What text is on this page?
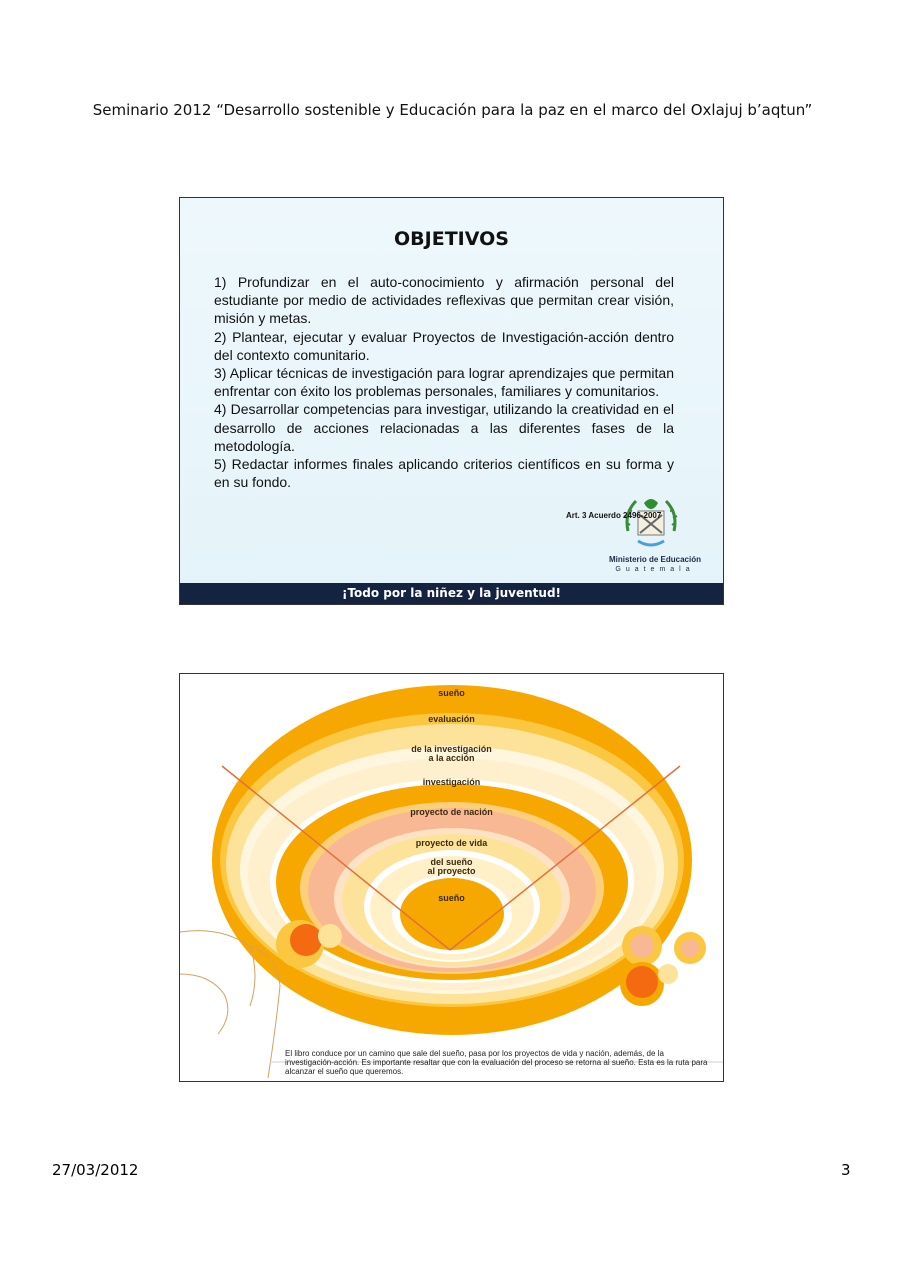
Seminario 2012 “Desarrollo sostenible y Educación para la paz en el marco del Oxlajuj b’aqtun”
OBJETIVOS

1) Profundizar en el auto-conocimiento y afirmación personal del estudiante por medio de actividades reflexivas que permitan crear visión, misión y metas.

2) Plantear, ejecutar y evaluar Proyectos de Investigación-acción dentro del contexto comunitario.

3) Aplicar técnicas de investigación para lograr aprendizajes que permitan enfrentar con éxito los problemas personales, familiares y comunitarios.

4) Desarrollar competencias para investigar, utilizando la creatividad en el desarrollo de acciones relacionadas a las diferentes fases de la metodología.

5) Redactar informes finales aplicando criterios científicos en su forma y en su fondo.

Art. 3 Acuerdo 2496-2007
Ministerio de Educación
Guatemala
¡Todo por la niñez y la juventud!
sueño
evaluación
de la investigación
a la acción
investigación
proyecto de nación
proyecto de vida
del sueño
al proyecto
sueño
El libro conduce por un camino que sale del sueño, pasa por los proyectos de vida y nación, además, de la investigación-acción. Es importante resaltar que con la evaluación del proceso se retorna al sueño. Esta es la ruta para alcanzar el sueño que queremos.
27/03/2012	3
